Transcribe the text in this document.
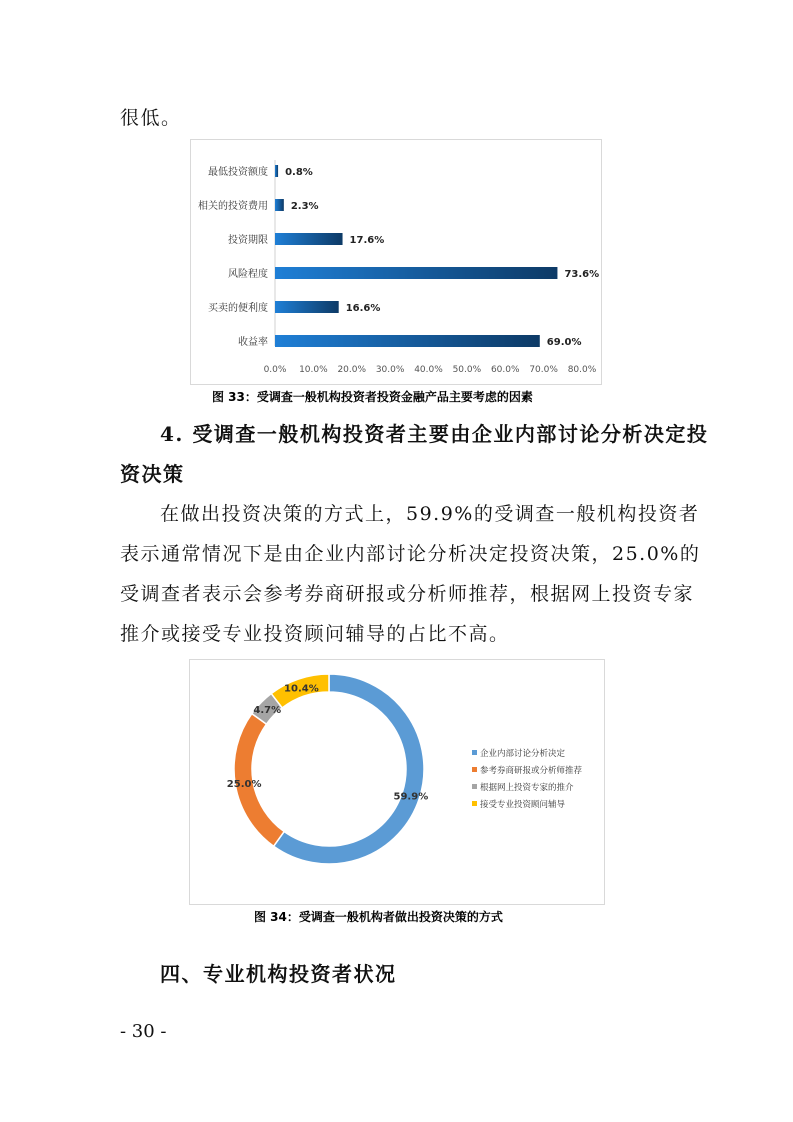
很低。
最低投资额度 0.8%
相关的投资费用 2.3%
投资期限	17.6%
风险程度	73.6%
买卖的便利度	16.6%
收益率	69.0%
0.0% 10.0% 20.0% 30.0% 40.0% 50.0% 60.0% 70.0% 80.0%
图 33：受调查一般机构投资者投资金融产品主要考虑的因素
4. 受调查一般机构投资者主要由企业内部讨论分析决定投
资决策
在做出投资决策的方式上，59.9%的受调查一般机构投资者
表示通常情况下是由企业内部讨论分析决定投资决策，25.0%的
受调查者表示会参考券商研报或分析师推荐，根据网上投资专家
推介或接受专业投资顾问辅导的占比不高。
59.9%
25.0%
4.7%
10.4%
企业内部讨论分析决定
参考券商研报或分析师推荐
根据网上投资专家的推介
接受专业投资顾问辅导
图 34：受调查一般机构者做出投资决策的方式
四、专业机构投资者状况
- 30 -
